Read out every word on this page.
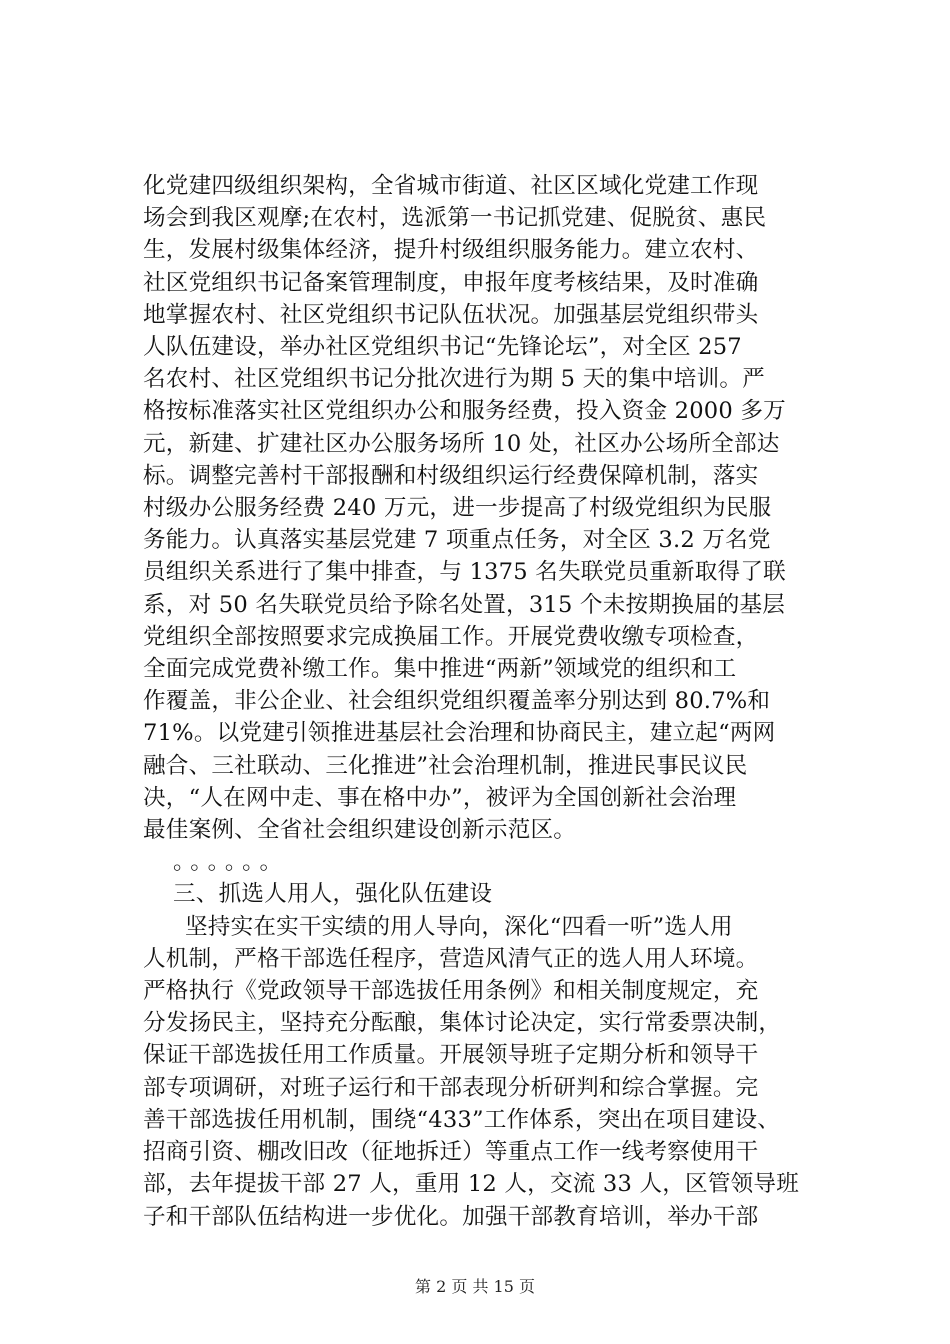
化党建四级组织架构，全省城市街道、社区区域化党建工作现
场会到我区观摩;在农村，选派第一书记抓党建、促脱贫、惠民
生，发展村级集体经济，提升村级组织服务能力。建立农村、
社区党组织书记备案管理制度，申报年度考核结果，及时准确
地掌握农村、社区党组织书记队伍状况。加强基层党组织带头
人队伍建设，举办社区党组织书记“先锋论坛”，对全区 257
名农村、社区党组织书记分批次进行为期 5 天的集中培训。严
格按标准落实社区党组织办公和服务经费，投入资金 2000 多万
元，新建、扩建社区办公服务场所 10 处，社区办公场所全部达
标。调整完善村干部报酬和村级组织运行经费保障机制，落实
村级办公服务经费 240 万元，进一步提高了村级党组织为民服
务能力。认真落实基层党建 7 项重点任务，对全区 3.2 万名党
员组织关系进行了集中排查，与 1375 名失联党员重新取得了联
系，对 50 名失联党员给予除名处置，315 个未按期换届的基层
党组织全部按照要求完成换届工作。开展党费收缴专项检查，
全面完成党费补缴工作。集中推进“两新”领域党的组织和工
作覆盖，非公企业、社会组织党组织覆盖率分别达到 80.7%和
71%。以党建引领推进基层社会治理和协商民主，建立起“两网
融合、三社联动、三化推进”社会治理机制，推进民事民议民
决，“人在网中走、事在格中办”，被评为全国创新社会治理
最佳案例、全省社会组织建设创新示范区。
。。。。。。
三、抓选人用人，强化队伍建设
坚持实在实干实绩的用人导向，深化“四看一听”选人用
人机制，严格干部选任程序，营造风清气正的选人用人环境。
严格执行《党政领导干部选拔任用条例》和相关制度规定，充
分发扬民主，坚持充分酝酿，集体讨论决定，实行常委票决制，
保证干部选拔任用工作质量。开展领导班子定期分析和领导干
部专项调研，对班子运行和干部表现分析研判和综合掌握。完
善干部选拔任用机制，围绕“433”工作体系，突出在项目建设、
招商引资、棚改旧改（征地拆迁）等重点工作一线考察使用干
部，去年提拔干部 27 人，重用 12 人，交流 33 人，区管领导班
子和干部队伍结构进一步优化。加强干部教育培训，举办干部
第 2 页 共 15 页
